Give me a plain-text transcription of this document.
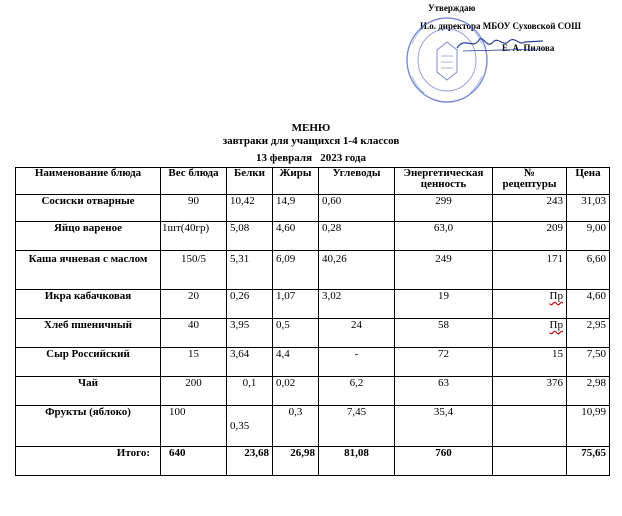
Утверждаю
И.о. директора МБОУ Суховской СОШ
Е. А. Пилова
МЕНЮ
завтраки для учащихся 1-4 классов
13 февраля   2023 года
Наименование блюда	Вес блюда	Белки	Жиры	Углеводы	Энергетическая ценность	№ рецептуры	Цена
Сосиски отварные	90	10,42	14,9	0,60	299	243	31,03
Яйцо вареное	1шт(40гр)	5,08	4,60	0,28	63,0	209	9,00
Каша ячневая с маслом	150/5	5,31	6,09	40,26	249	171	6,60
Икра кабачковая	20	0,26	1,07	3,02	19	Пр	4,60
Хлеб пшеничный	40	3,95	0,5	24	58	Пр	2,95
Сыр Российский	15	3,64	4,4	-	72	15	7,50
Чай	200	0,1	0,02	6,2	63	376	2,98
Фрукты (яблоко)	100	0,35	0,3	7,45	35,4		10,99
Итого:	640	23,68	26,98	81,08	760		75,65
